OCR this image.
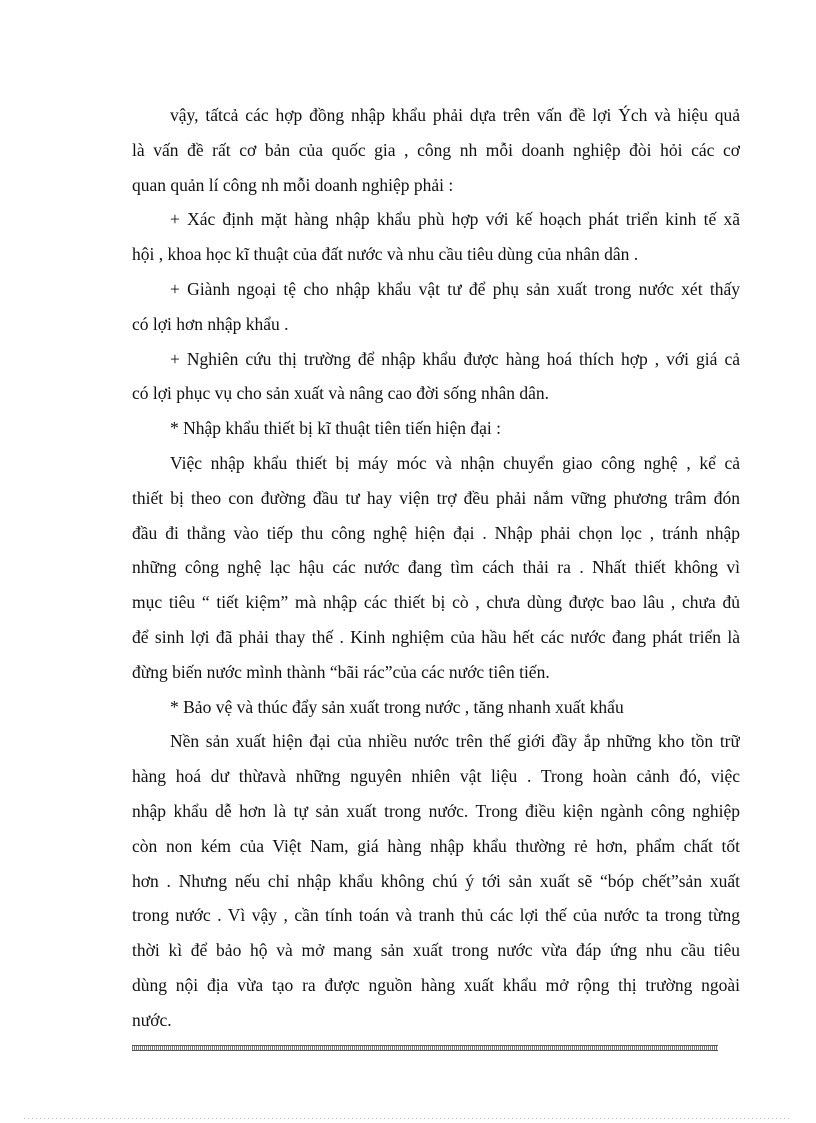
vậy, tấtcả các hợp đồng nhập khẩu phải dựa trên vấn đề lợi Ých và hiệu quả
là vấn đề rất cơ bản của quốc gia , công nh mỗi doanh nghiệp đòi hỏi các cơ
quan quản lí công nh mỗi doanh nghiệp phải :
+ Xác định mặt hàng nhập khẩu phù hợp với kế hoạch phát triển kinh tế xã
hội , khoa học kĩ thuật của đất nước và nhu cầu tiêu dùng của nhân dân .
+ Giành ngoại tệ cho nhập khẩu vật tư để phụ sản xuất trong nước xét thấy
có lợi hơn nhập khẩu .
+ Nghiên cứu thị trường để nhập khẩu được hàng hoá thích hợp , với giá cả
có lợi phục vụ cho sản xuất và nâng cao đời sống nhân dân.
* Nhập khẩu thiết bị kĩ thuật tiên tiến hiện đại :
Việc nhập khẩu thiết bị máy móc và nhận chuyển giao công nghệ , kể cả
thiết bị theo con đường đầu tư hay viện trợ đều phải nắm vững phương trâm đón
đầu đi thẳng vào tiếp thu công nghệ hiện đại . Nhập phải chọn lọc , tránh nhập
những công nghệ lạc hậu các nước đang tìm cách thải ra . Nhất thiết không vì
mục tiêu “ tiết kiệm” mà nhập các thiết bị cò , chưa dùng được bao lâu , chưa đủ
để sinh lợi đã phải thay thế . Kinh nghiệm của hầu hết các nước đang phát triển là
đừng biến nước mình thành “bãi rác”của các nước tiên tiến.
* Bảo vệ và thúc đẩy sản xuất trong nước , tăng nhanh xuất khẩu
Nền sản xuất hiện đại của nhiều nước trên thế giới đầy ắp những kho tồn trữ
hàng hoá dư thừavà những nguyên nhiên vật liệu . Trong hoàn cảnh đó, việc
nhập khẩu dễ hơn là tự sản xuất trong nước. Trong điều kiện ngành công nghiệp
còn non kém của Việt Nam, giá hàng nhập khẩu thường rẻ hơn, phẩm chất tốt
hơn . Nhưng nếu chỉ nhập khẩu không chú ý tới sản xuất sẽ “bóp chết”sản xuất
trong nước . Vì vậy , cần tính toán và tranh thủ các lợi thế của nước ta trong từng
thời kì để bảo hộ và mở mang sản xuất trong nước vừa đáp ứng nhu cầu tiêu
dùng nội địa vừa tạo ra được nguồn hàng xuất khẩu mở rộng thị trường ngoài
nước.
